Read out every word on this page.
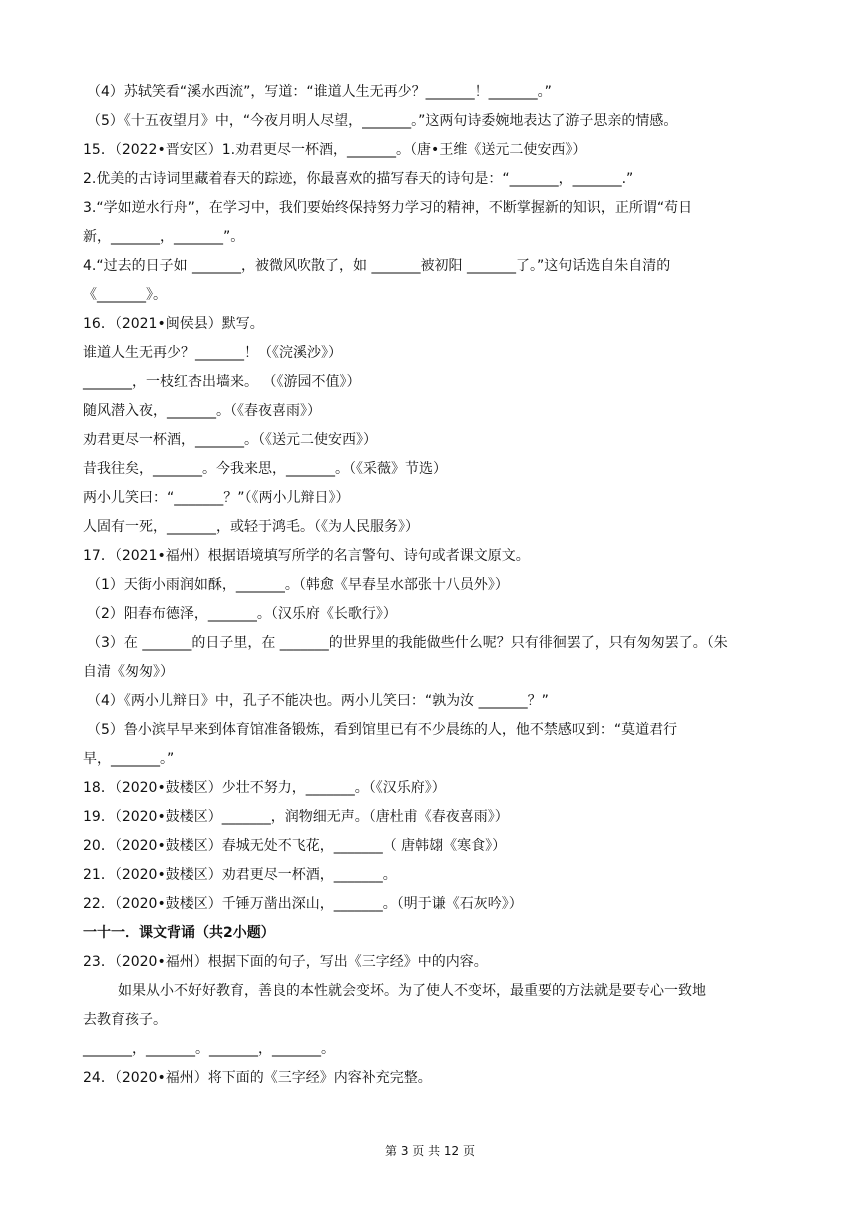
（4）苏轼笑看“溪水西流”，写道：“谁道人生无再少？_______！_______。”
（5）《十五夜望月》中，“今夜月明人尽望，_______。”这两句诗委婉地表达了游子思亲的情感。
15．（2022•晋安区）1.劝君更尽一杯酒，_______。（唐•王维《送元二使安西》）
2.优美的古诗词里藏着春天的踪迹，你最喜欢的描写春天的诗句是：“_______，_______.”
3.“学如逆水行舟”，在学习中，我们要始终保持努力学习的精神，不断掌握新的知识，正所谓“苟日
新，_______，_______”。
4.“过去的日子如 _______，被微风吹散了，如 _______被初阳 _______了。”这句话选自朱自清的
《_______》。
16．（2021•闽侯县）默写。
谁道人生无再少？_______！（《浣溪沙》）
_______，一枝红杏出墙来。 （《游园不值》）
随风潜入夜，_______。（《春夜喜雨》）
劝君更尽一杯酒，_______。（《送元二使安西》）
昔我往矣，_______。今我来思，_______。（《采薇》节选）
两小儿笑曰：“_______？”（《两小儿辩日》）
人固有一死，_______，或轻于鸿毛。（《为人民服务》）
17．（2021•福州）根据语境填写所学的名言警句、诗句或者课文原文。
（1）天街小雨润如酥，_______。（韩愈《早春呈水部张十八员外》）
（2）阳春布德泽，_______。（汉乐府《长歌行》）
（3）在 _______的日子里，在 _______的世界里的我能做些什么呢？只有徘徊罢了，只有匆匆罢了。（朱
自清《匆匆》）
（4）《两小儿辩日》中，孔子不能决也。两小儿笑曰：“孰为汝 _______？”
（5）鲁小滨早早来到体育馆准备锻炼，看到馆里已有不少晨练的人，他不禁感叹到：“莫道君行
早，_______。”
18．（2020•鼓楼区）少壮不努力，_______。（《汉乐府》）
19．（2020•鼓楼区）_______，润物细无声。（唐杜甫《春夜喜雨》）
20．（2020•鼓楼区）春城无处不飞花，_______（ 唐韩翃《寒食》）
21．（2020•鼓楼区）劝君更尽一杯酒，_______。
22．（2020•鼓楼区）千锤万凿出深山，_______。（明于谦《石灰吟》）
一十一．课文背诵（共2小题）
23．（2020•福州）根据下面的句子，写出《三字经》中的内容。
如果从小不好好教育，善良的本性就会变坏。为了使人不变坏，最重要的方法就是要专心一致地
去教育孩子。
_______，_______。_______，_______。
24．（2020•福州）将下面的《三字经》内容补充完整。
第 3 页 共 12 页
